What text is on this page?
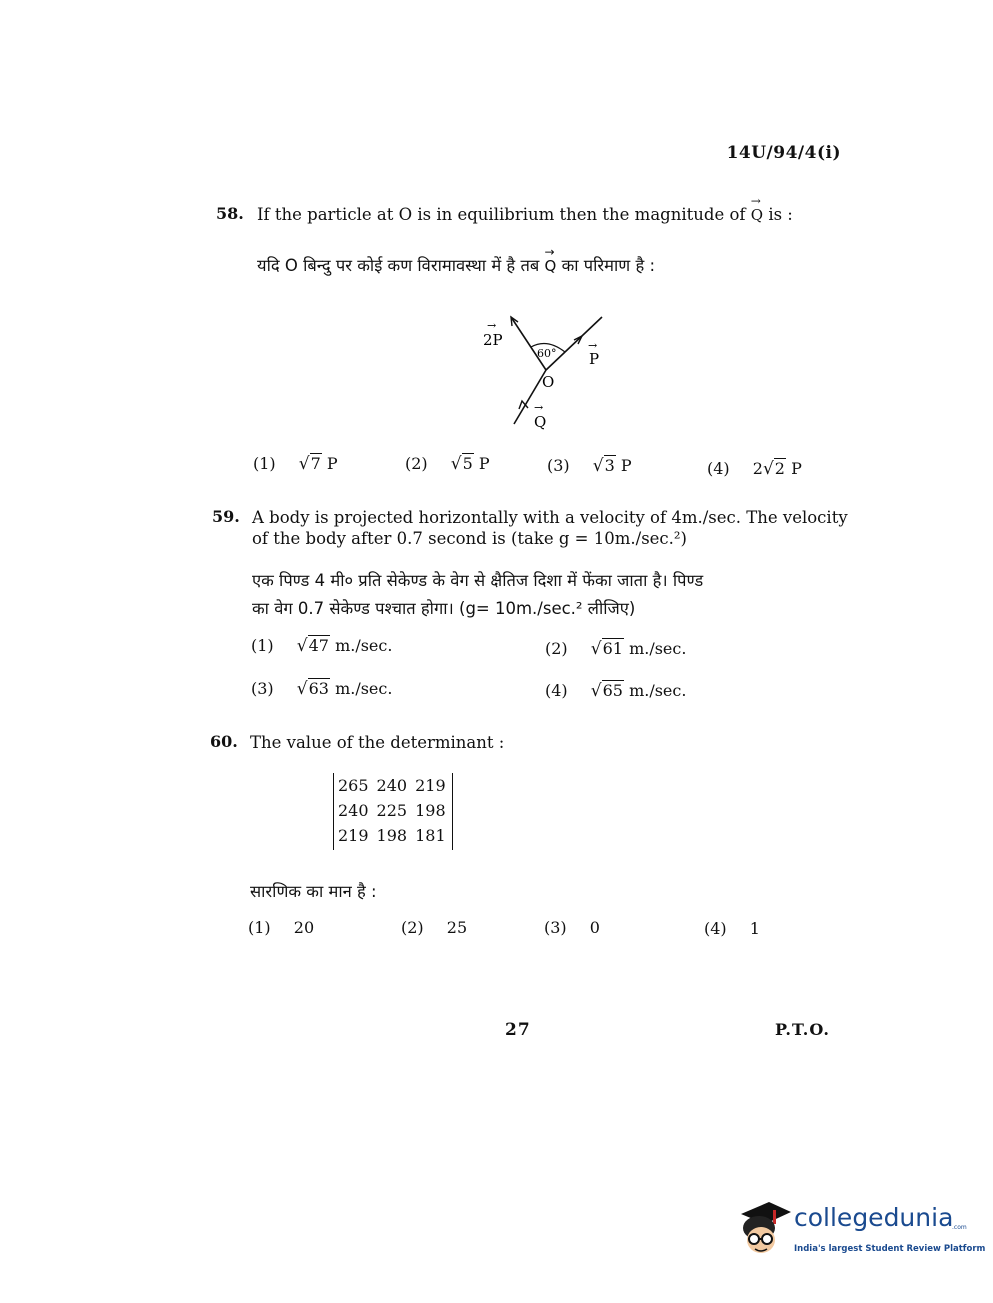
14U/94/4(i)
58. If the particle at O is in equilibrium then the magnitude of → Q is :
यदि O बिन्दु पर कोई कण विरामावस्था में है तब → Q का परिमाण है :
60°
2P
→
P
→
O
Q
→
(1) √7 P	(2) √5 P	(3) √3 P	(4) 2√2 P
59. A body is projected horizontally with a velocity of 4m./sec. The velocity
of the body after 0.7 second is (take g = 10m./sec.²)
एक पिण्ड 4 मी० प्रति सेकेण्ड के वेग से क्षैतिज दिशा में फेंका जाता है। पिण्ड
का वेग 0.7 सेकेण्ड पश्चात होगा। (g= 10m./sec.² लीजिए)
(1) √47 m./sec.	(2) √61 m./sec.
(3) √63 m./sec.	(4) √65 m./sec.
60. The value of the determinant :
265	240	219
240	225	198
219	198	181
सारणिक का मान है :
(1) 20	(2) 25	(3) 0	(4) 1
27	P.T.O.
collegedunia
.com
India's largest Student Review Platform
